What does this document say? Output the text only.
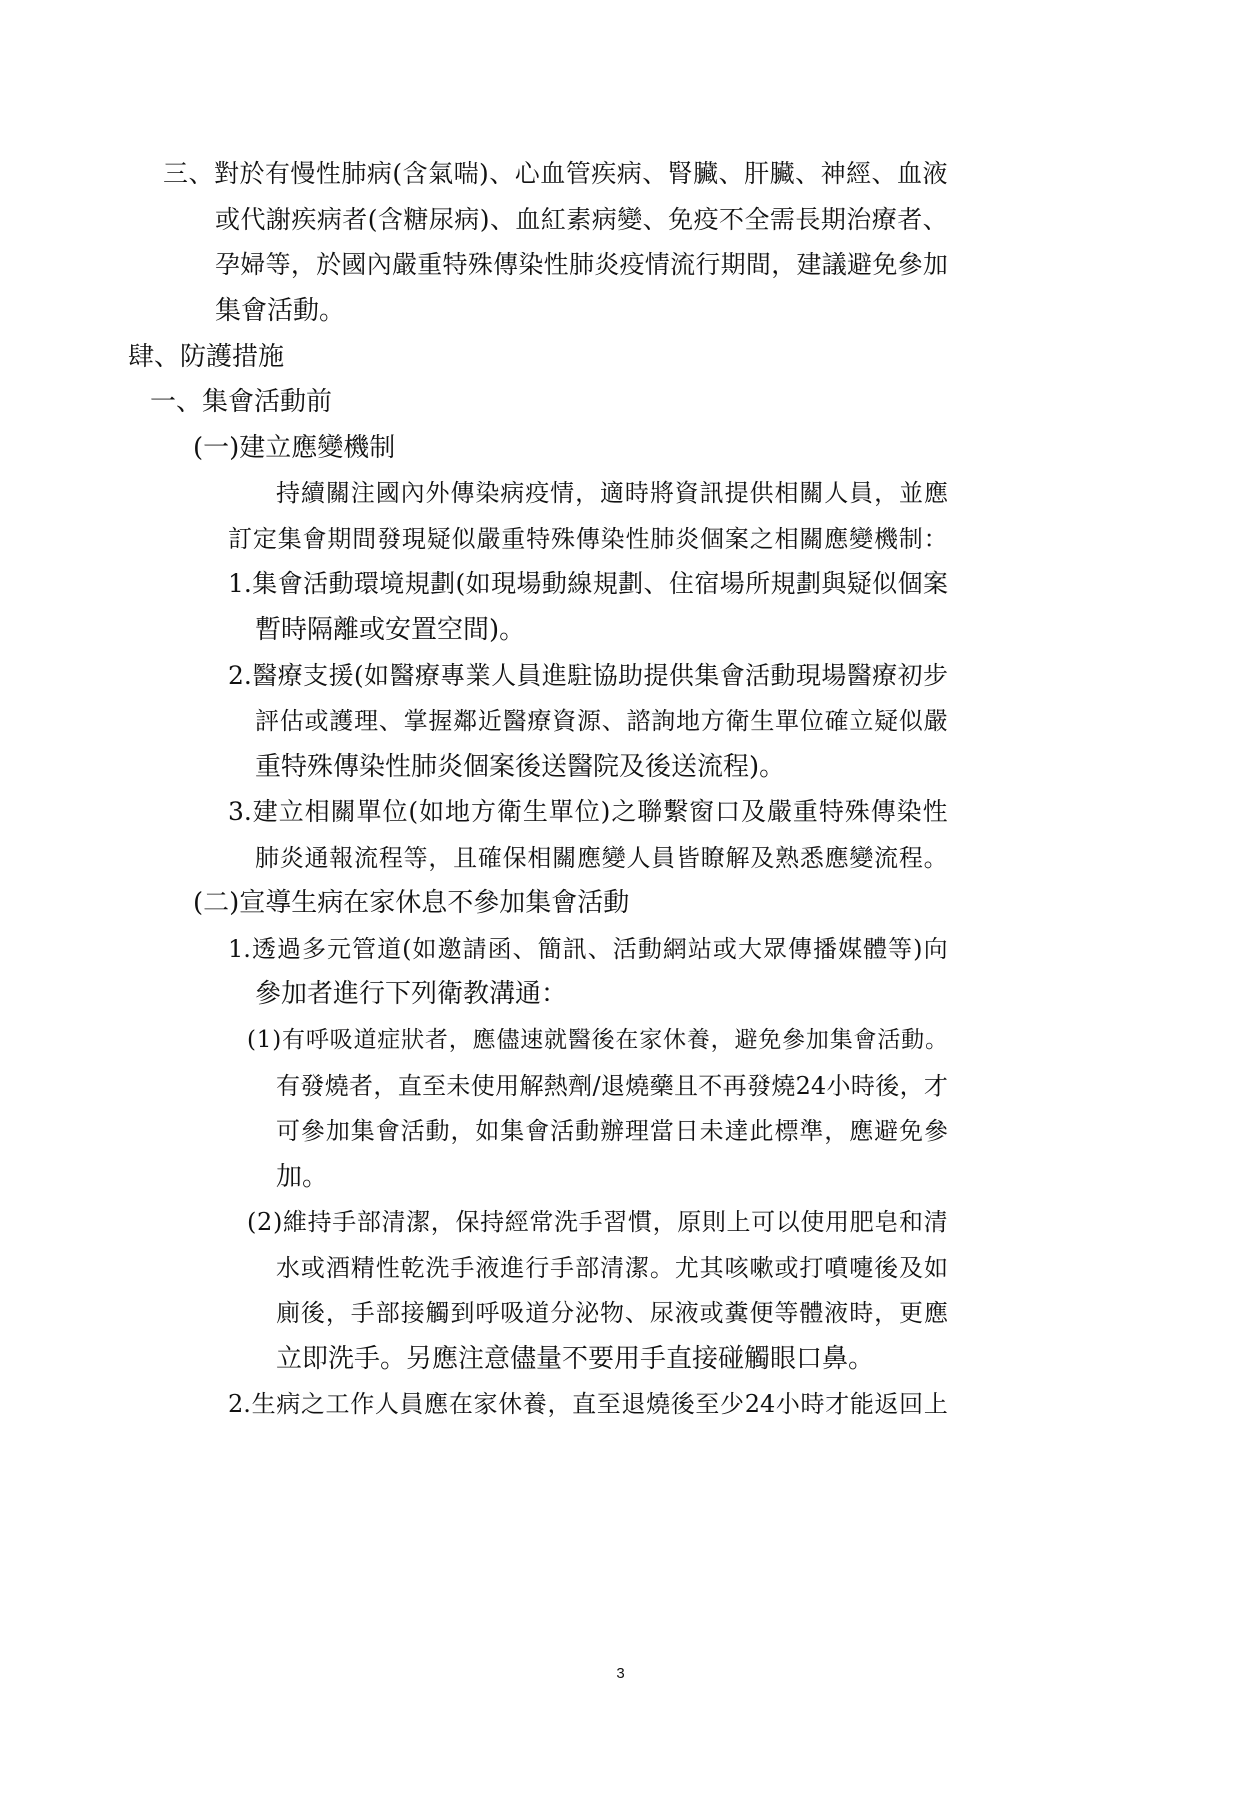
三 、 對 於 有 慢 性 肺 病 ( 含 氣 喘 ) 、 心 血 管 疾 病 、 腎 臟 、 肝 臟 、 神 經 、 血 液
或 代 謝 疾 病 者 ( 含 糖 尿 病 ) 、 血 紅 素 病 變 、 免 疫 不 全 需 長 期 治 療 者 、
孕 婦 等 ， 於 國 內 嚴 重 特 殊 傳 染 性 肺 炎 疫 情 流 行 期 間 ， 建 議 避 免 參 加
集會活動。
肆、防護措施
一、集會活動前
(一)建立應變機制
持 續 關 注 國 內 外 傳 染 病 疫 情 ， 適 時 將 資 訊 提 供 相 關 人 員 ， 並 應
訂 定 集 會 期 間 發 現 疑 似 嚴 重 特 殊 傳 染 性 肺 炎 個 案 之 相 關 應 變 機 制 ：
1. 集 會 活 動 環 境 規 劃 ( 如 現 場 動 線 規 劃 、 住 宿 場 所 規 劃 與 疑 似 個 案
暫時隔離或安置空間)。
2. 醫 療 支 援 ( 如 醫 療 專 業 人 員 進 駐 協 助 提 供 集 會 活 動 現 場 醫 療 初 步
評 估 或 護 理 、 掌 握 鄰 近 醫 療 資 源 、 諮 詢 地 方 衛 生 單 位 確 立 疑 似 嚴
重特殊傳染性肺炎個案後送醫院及後送流程)。
3. 建 立 相 關 單 位 ( 如 地 方 衛 生 單 位 ) 之 聯 繫 窗 口 及 嚴 重 特 殊 傳 染 性
肺 炎 通 報 流 程 等 ， 且 確 保 相 關 應 變 人 員 皆 瞭 解 及 熟 悉 應 變 流 程 。
(二)宣導生病在家休息不參加集會活動
1. 透 過 多 元 管 道 ( 如 邀 請 函 、 簡 訊 、 活 動 網 站 或 大 眾 傳 播 媒 體 等 ) 向
參加者進行下列衛教溝通：
( 1 ) 有 呼 吸 道 症 狀 者 ， 應 儘 速 就 醫 後 在 家 休 養 ， 避 免 參 加 集 會 活 動 。
有 發 燒 者 ， 直 至 未 使 用 解 熱 劑 / 退 燒 藥 且 不 再 發 燒 24 小 時 後 ， 才
可 參 加 集 會 活 動 ， 如 集 會 活 動 辦 理 當 日 未 達 此 標 準 ， 應 避 免 參
加。
( 2 ) 維 持 手 部 清 潔 ， 保 持 經 常 洗 手 習 慣 ， 原 則 上 可 以 使 用 肥 皂 和 清
水 或 酒 精 性 乾 洗 手 液 進 行 手 部 清 潔 。 尤 其 咳 嗽 或 打 噴 嚏 後 及 如
廁 後 ， 手 部 接 觸 到 呼 吸 道 分 泌 物 、 尿 液 或 糞 便 等 體 液 時 ， 更 應
立即洗手。另應注意儘量不要用手直接碰觸眼口鼻。
2. 生 病 之 工 作 人 員 應 在 家 休 養 ， 直 至 退 燒 後 至 少 24 小 時 才 能 返 回 上
3
